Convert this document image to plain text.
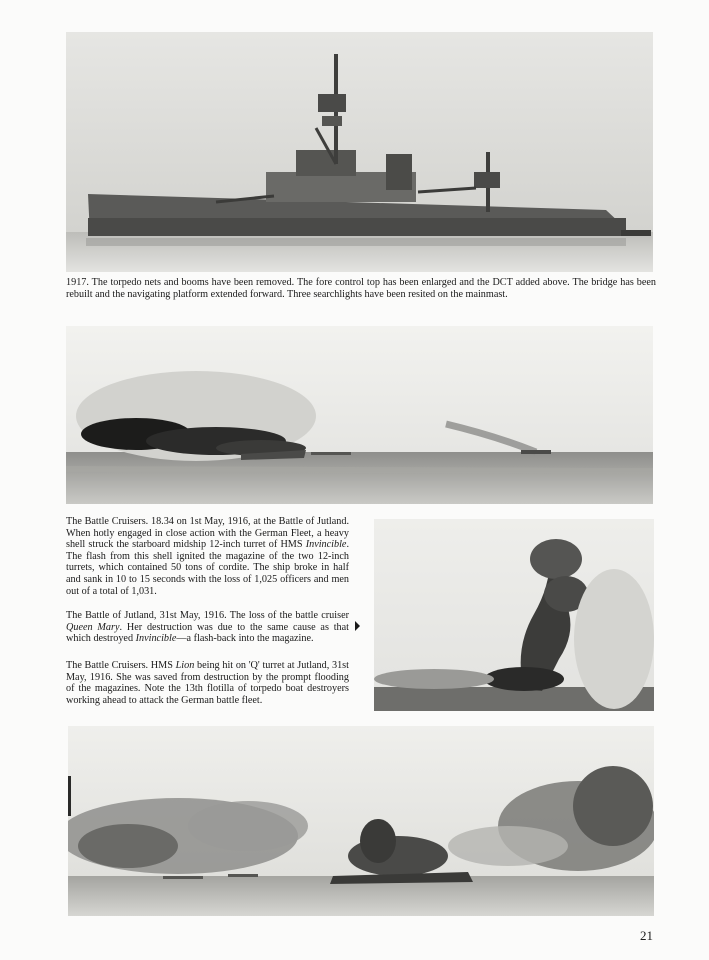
1917. The torpedo nets and booms have been removed. The fore control top has been enlarged and the DCT added above. The bridge has been rebuilt and the navigating platform extended forward. Three searchlights have been resited on the mainmast.

The Battle Cruisers. 18.34 on 1st May, 1916, at the Battle of Jutland. When hotly engaged in close action with the German Fleet, a heavy shell struck the starboard midship 12-inch turret of HMS Invincible. The flash from this shell ignited the magazine of the two 12-inch turrets, which contained 50 tons of cordite. The ship broke in half and sank in 10 to 15 seconds with the loss of 1,025 officers and men out of a total of 1,031.

The Battle of Jutland, 31st May, 1916. The loss of the battle cruiser Queen Mary. Her destruction was due to the same cause as that which destroyed Invincible—a flash-back into the magazine.

The Battle Cruisers. HMS Lion being hit on 'Q' turret at Jutland, 31st May, 1916. She was saved from destruction by the prompt flooding of the magazines. Note the 13th flotilla of torpedo boat destroyers working ahead to attack the German battle fleet.

21
